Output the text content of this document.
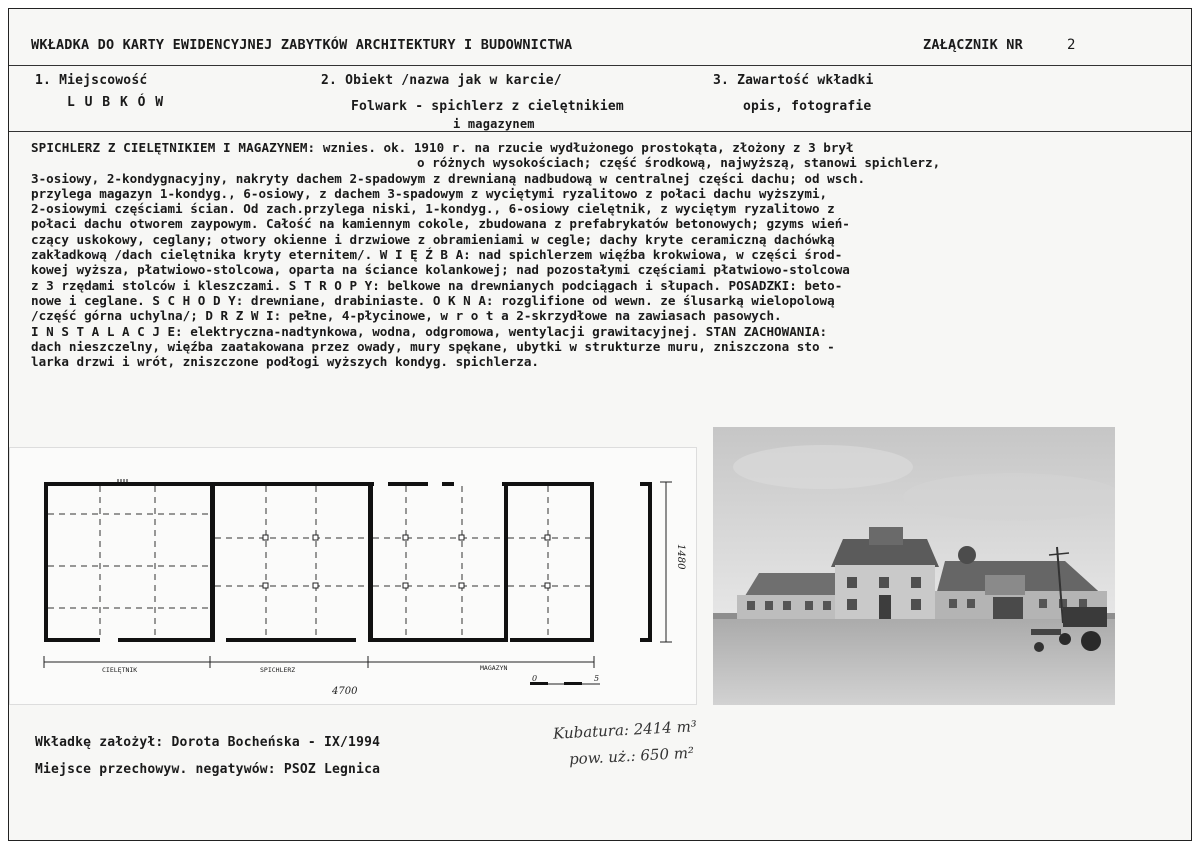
WKŁADKA DO KARTY EWIDENCYJNEJ ZABYTKÓW ARCHITEKTURY I BUDOWNICTWA	ZAŁĄCZNIK NR	2
1. Miejscowość
L U B K Ó W
2. Obiekt /nazwa jak w karcie/
Folwark - spichlerz z cielętnikiem
i magazynem
3. Zawartość wkładki
opis, fotografie
SPICHLERZ Z CIELĘTNIKIEM I MAGAZYNEM: wznies. ok. 1910 r. na rzucie wydłużonego prostokąta, złożony z 3 brył
o różnych wysokościach; część środkową, najwyższą, stanowi spichlerz,
3-osiowy, 2-kondygnacyjny, nakryty dachem 2-spadowym z drewnianą nadbudową w centralnej części dachu; od wsch.
przylega magazyn 1-kondyg., 6-osiowy, z dachem 3-spadowym z wyciętymi ryzalitowo z połaci dachu wyższymi,
2-osiowymi częściami ścian. Od zach.przylega niski, 1-kondyg., 6-osiowy cielętnik, z wyciętym ryzalitowo z
połaci dachu otworem zaypowym. Całość na kamiennym cokole, zbudowana z prefabrykatów betonowych; gzyms wień-
czący uskokowy, ceglany; otwory okienne i drzwiowe z obramieniami w cegle; dachy kryte ceramiczną dachówką
zakładkową /dach cielętnika kryty eternitem/. W I Ę Ź B A: nad spichlerzem więźba krokwiowa, w części środ-
kowej wyższa, płatwiowo-stolcowa, oparta na ściance kolankowej; nad pozostałymi częściami płatwiowo-stolcowa
z 3 rzędami stolców i kleszczami. S T R O P Y: belkowe na drewnianych podciągach i słupach. POSADZKI: beto-
nowe i ceglane. S C H O D Y: drewniane, drabiniaste. O K N A: rozglifione od wewn. ze ślusarką wielopolową
/część górna uchylna/; D R Z W I: pełne, 4-płycinowe, w r o t a 2-skrzydłowe na zawiasach pasowych.
I N S T A L A C J E: elektryczna-nadtynkowa, wodna, odgromowa, wentylacji grawitacyjnej. STAN ZACHOWANIA:
dach nieszczelny, więźba zaatakowana przez owady, mury spękane, ubytki w strukturze muru, zniszczona sto -
larka drzwi i wrót, zniszczone podłogi wyższych kondyg. spichlerza.
CIELĘTNIK	SPICHLERZ	MAGAZYN
4700
0	5
1480
Wkładkę założył: Dorota Bocheńska - IX/1994
Miejsce przechowyw. negatywów: PSOZ Legnica
Kubatura: 2414 m³
pow. uż.: 650 m²
